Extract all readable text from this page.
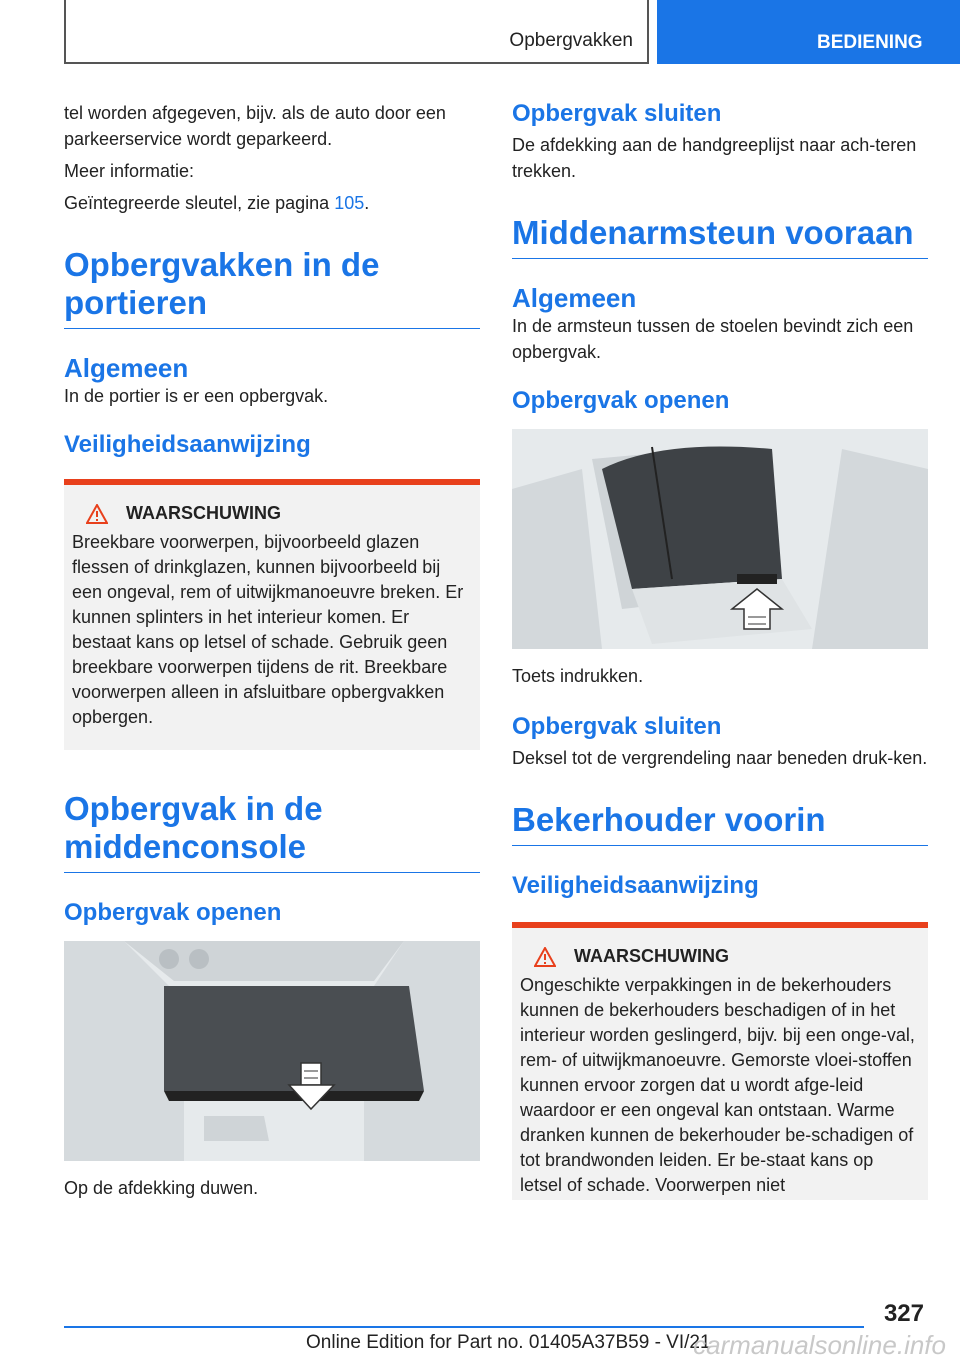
Opbergvakken	BEDIENING

tel worden afgegeven, bijv. als de auto door een parkeerservice wordt geparkeerd.

Meer informatie:

Geïntegreerde sleutel, zie pagina 105.

Opbergvakken in de portieren
Algemeen

In de portier is er een opbergvak.

Veiligheidsaanwijzing
WAARSCHUWING

Breekbare voorwerpen, bijvoorbeeld glazen flessen of drinkglazen, kunnen bijvoorbeeld bij een ongeval, rem of uitwijkmanoeuvre breken. Er kunnen splinters in het interieur komen. Er bestaat kans op letsel of schade. Gebruik geen breekbare voorwerpen tijdens de rit. Breekbare voorwerpen alleen in afsluitbare opbergvakken opbergen.

Opbergvak in de middenconsole
Opbergvak openen

Op de afdekking duwen.

Opbergvak sluiten

De afdekking aan de handgreeplijst naar ach-teren trekken.

Middenarmsteun vooraan
Algemeen

In de armsteun tussen de stoelen bevindt zich een opbergvak.

Opbergvak openen

Toets indrukken.

Opbergvak sluiten

Deksel tot de vergrendeling naar beneden druk-ken.

Bekerhouder voorin
Veiligheidsaanwijzing
WAARSCHUWING

Ongeschikte verpakkingen in de bekerhouders kunnen de bekerhouders beschadigen of in het interieur worden geslingerd, bijv. bij een onge-val, rem- of uitwijkmanoeuvre. Gemorste vloei-stoffen kunnen ervoor zorgen dat u wordt afge-leid waardoor er een ongeval kan ontstaan. Warme dranken kunnen de bekerhouder be-schadigen of tot brandwonden leiden. Er be-staat kans op letsel of schade. Voorwerpen niet

327
Online Edition for Part no. 01405A37B59 - VI/21
carmanualsonline.info
